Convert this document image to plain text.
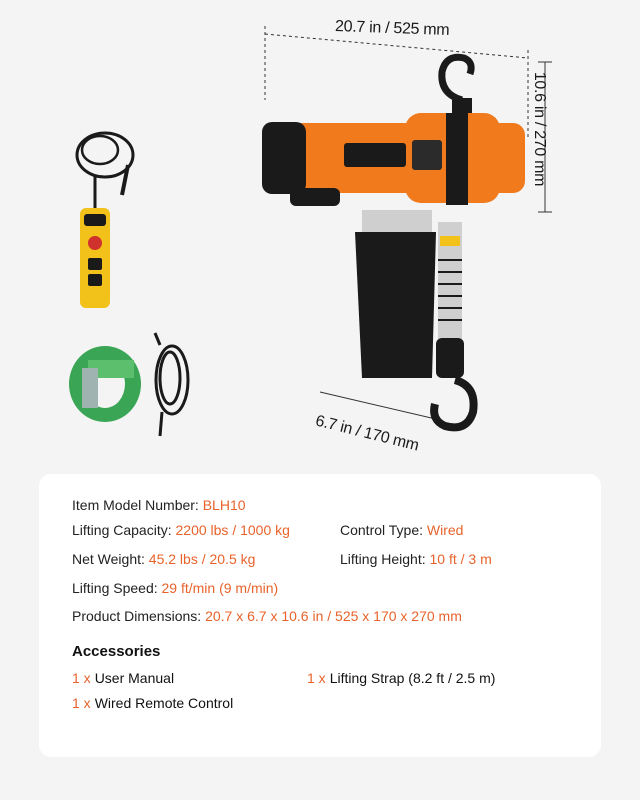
20.7 in / 525 mm
10.6 in / 270 mm
6.7 in / 170 mm
Item Model Number: BLH10
Lifting Capacity: 2200 lbs / 1000 kg	Control Type: Wired
Net Weight: 45.2 lbs / 20.5 kg	Lifting Height: 10 ft / 3 m
Lifting Speed: 29 ft/min (9 m/min)
Product Dimensions: 20.7 x 6.7 x 10.6 in / 525 x 170 x 270 mm
Accessories
1 x User Manual	1 x Lifting Strap (8.2 ft / 2.5 m)
1 x Wired Remote Control
